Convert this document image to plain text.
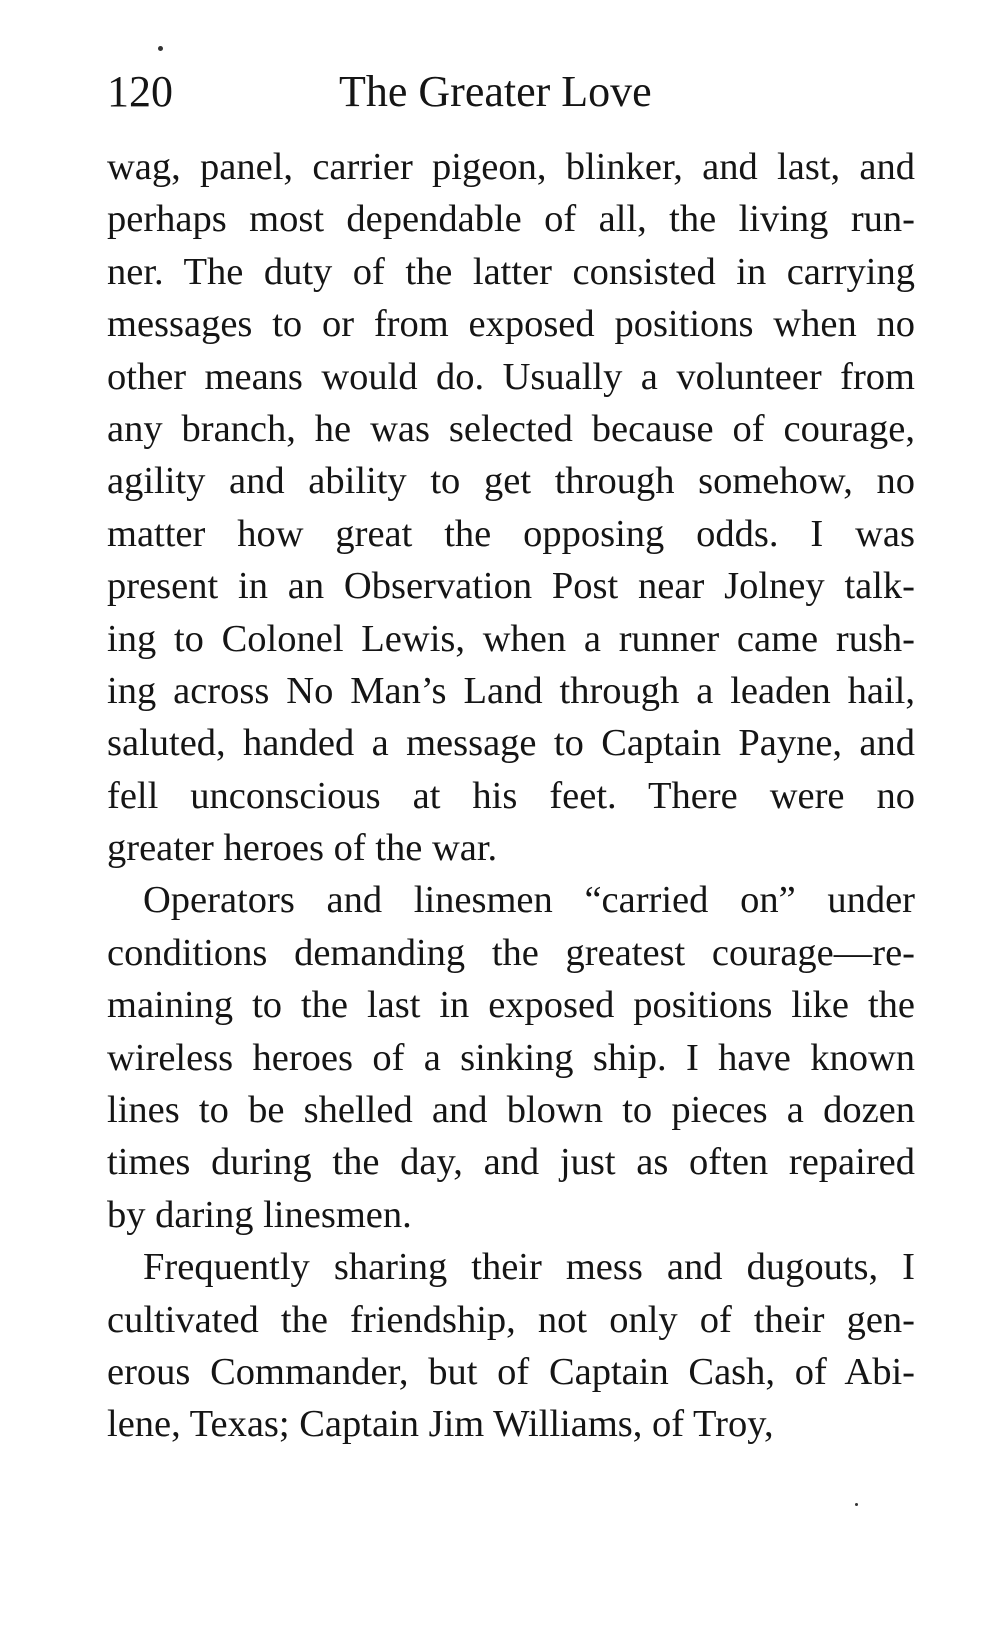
120	The Greater Love
wag, panel, carrier pigeon, blinker, and last, and
perhaps most dependable of all, the living run-
ner. The duty of the latter consisted in carrying
messages to or from exposed positions when no
other means would do. Usually a volunteer from
any branch, he was selected because of courage,
agility and ability to get through somehow, no
matter how great the opposing odds. I was
present in an Observation Post near Jolney talk-
ing to Colonel Lewis, when a runner came rush-
ing across No Man’s Land through a leaden hail,
saluted, handed a message to Captain Payne, and
fell unconscious at his feet. There were no
greater heroes of the war.
Operators and linesmen “carried on” under
conditions demanding the greatest courage—re-
maining to the last in exposed positions like the
wireless heroes of a sinking ship. I have known
lines to be shelled and blown to pieces a dozen
times during the day, and just as often repaired
by daring linesmen.
Frequently sharing their mess and dugouts, I
cultivated the friendship, not only of their gen-
erous Commander, but of Captain Cash, of Abi-
lene, Texas; Captain Jim Williams, of Troy,
